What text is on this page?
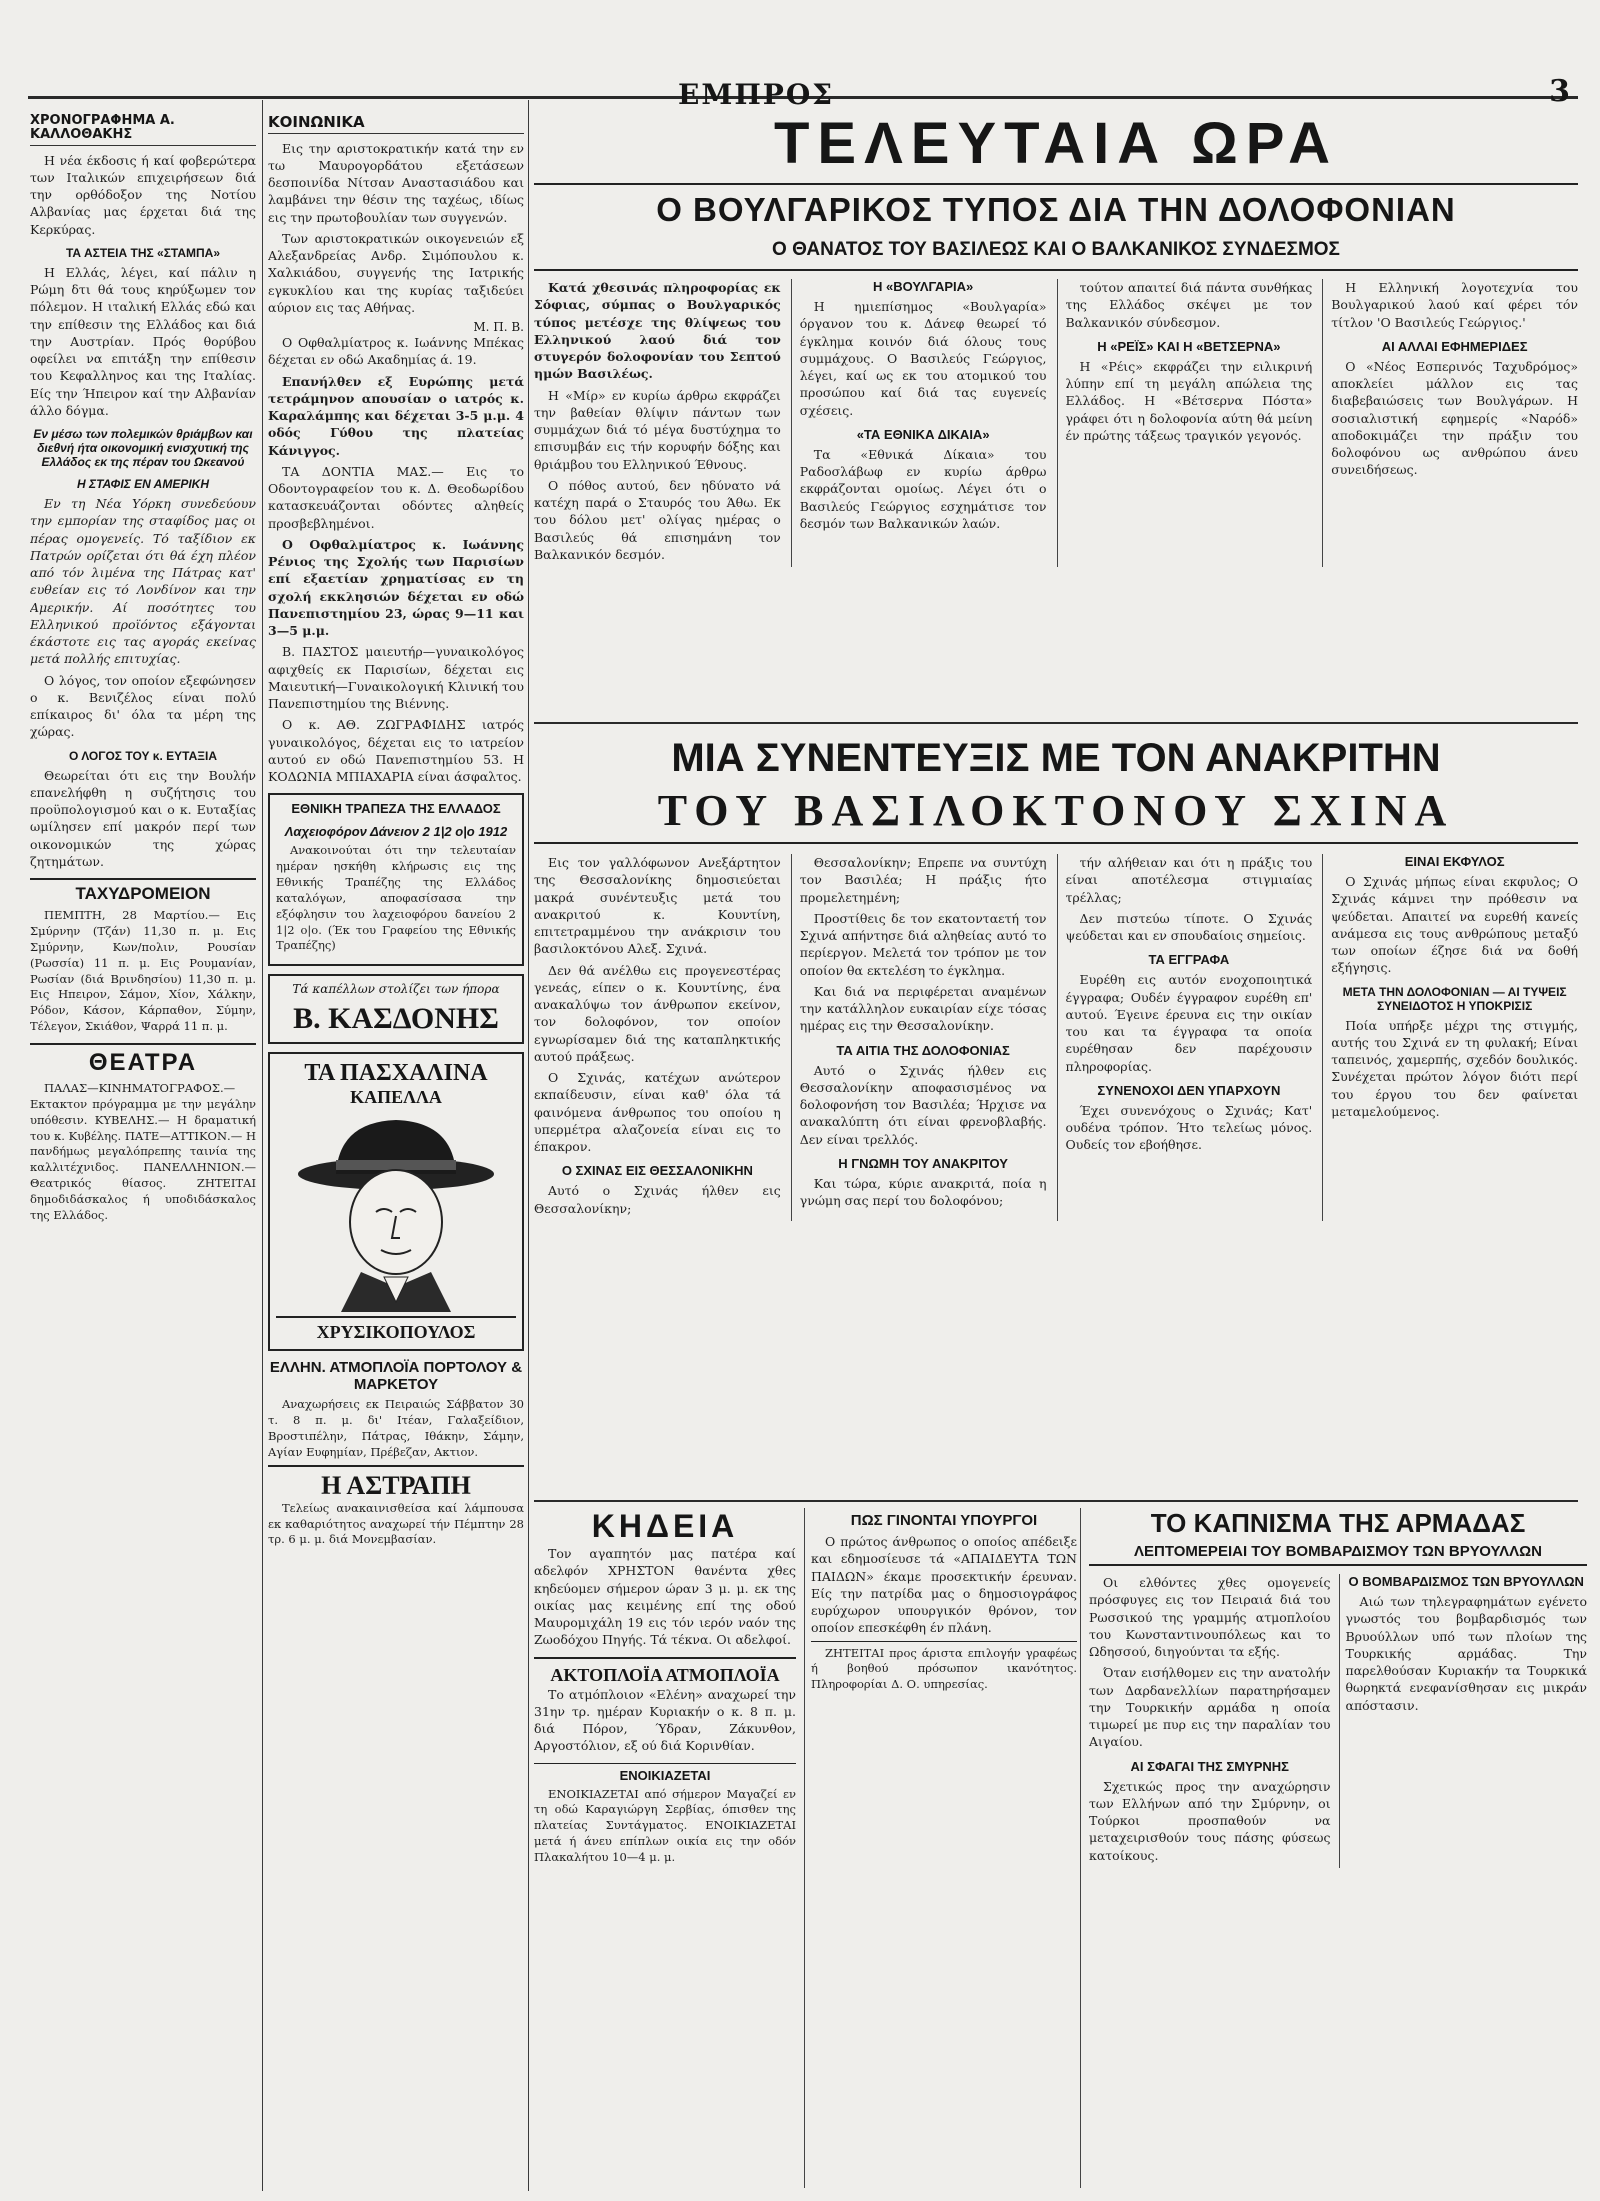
ΕΜΠΡΟΣ	3
ΧΡΟΝΟΓΡΑΦΗΜΑ Α. ΚΑΛΛΟΘΑΚΗΣ

Η νέα έκδοσις ή καί φοβερώτερα των Ιταλικών επιχειρήσεων διά την ορθόδοξον της Νοτίου Αλβανίας μας έρχεται διά της Κερκύρας.

ΤΑ ΑΣΤΕΙΑ ΤΗΣ «ΣΤΑΜΠΑ»

Η Ελλάς, λέγει, καί πάλιν η Ρώμη δτι θά τους κηρύξωμεν τον πόλεμον. Η ιταλική Ελλάς εδώ και την επίθεσιν της Ελλάδος και διά την Αυστρίαν. Πρός θορύβου οφείλει να επιτάξη την επίθεσιν του Κεφαλληνος και της Ιταλίας. Είς την Ήπειρον καί την Αλβανίαν άλλο δόγμα.

Εν μέσω των πολεμικών θριάμβων και διεθνή ήτα οικονομική ενισχυτική της Ελλάδος εκ της πέραν του Ωκεανού
Η ΣΤΑΦΙΣ ΕΝ ΑΜΕΡΙΚΗ

Εν τη Νέα Υόρκη συνεδεύουν την εμπορίαν της σταφίδος μας οι πέρας ομογενείς. Τό ταξίδιον εκ Πατρών ορίζεται ότι θά έχη πλέον από τόν λιμένα της Πάτρας κατ' ευθείαν εις τό Λονδίνον και την Αμερικήν. Αί ποσότητες του Ελληνικού προϊόντος εξάγονται έκάστοτε εις τας αγοράς εκείνας μετά πολλής επιτυχίας.

Ο λόγος, τον οποίον εξεφώνησεν ο κ. Βενιζέλος είναι πολύ επίκαιρος δι' όλα τα μέρη της χώρας.

Ο ΛΟΓΟΣ ΤΟΥ κ. ΕΥΤΑΞΙΑ

Θεωρείται ότι εις την Βουλήν επανελήφθη η συζήτησις του προϋπολογισμού και ο κ. Ευταξίας ωμίλησεν επί μακρόν περί των οικονομικών της χώρας ζητημάτων.

ΤΑΧΥΔΡΟΜΕΙΟΝ

ΠΕΜΠΤΗ, 28 Μαρτίου.— Εις Σμύρνην (Τζάν) 11,30 π. μ. Εις Σμύρνην, Κων/πολιν, Ρουσίαν (Ρωσσία) 11 π. μ. Εις Ρουμανίαν, Ρωσίαν (διά Βρινδησίου) 11,30 π. μ. Εις Ηπειρον, Σάμον, Χίον, Χάλκην, Ρόδον, Κάσον, Κάρπαθον, Σύμην, Τέλεγον, Σκιάθον, Ψαρρά 11 π. μ.

ΘΕΑΤΡΑ

ΠΑΛΑΣ—ΚΙΝΗΜΑΤΟΓΡΑΦΟΣ.— Εκτακτον πρόγραμμα με την μεγάλην υπόθεσιν. ΚΥΒΕΛΗΣ.— Η δραματική του κ. Κυβέλης. ΠΑΤΕ—ΑΤΤΙΚΟΝ.— Η πανδήμως μεγαλόπρεπης ταινία της καλλιτέχνιδος. ΠΑΝΕΛΛΗΝΙΟΝ.— Θεατρικός θίασος. ΖΗΤΕΙΤΑΙ δημοδιδάσκαλος ή υποδιδάσκαλος της Ελλάδος.

ΚΟΙΝΩΝΙΚΑ

Εις την αριστοκρατικήν κατά την εν τω Μαυρογορδάτου εξετάσεων δεσποινίδα Νίτσαν Αναστασιάδου και λαμβάνει την θέσιν της ταχέως, ιδίως εις την πρωτοβουλίαν των συγγενών.

Των αριστοκρατικών οικογενειών εξ Αλεξανδρείας Ανδρ. Σιμόπουλου κ. Χαλκιάδου, συγγενής της Ιατρικής εγκυκλίου και της κυρίας ταξιδεύει αύριον εις τας Αθήνας.

Μ. Π. Β.

Ο Οφθαλμίατρος κ. Ιωάννης Μπέκας δέχεται εν οδώ Ακαδημίας ά. 19.

Επανήλθεν εξ Ευρώπης μετά τετράμηνον απουσίαν ο ιατρός κ. Καραλάμπης και δέχεται 3-5 μ.μ. 4 οδός Γύθου της πλατείας Κάνιγγος.

ΤΑ ΔΟΝΤΙΑ ΜΑΣ.— Εις το Οδοντογραφείον του κ. Δ. Θεοδωρίδου κατασκευάζονται οδόντες αληθείς προσβεβλημένοι.

Ο Οφθαλμίατρος κ. Ιωάννης Ρένιος της Σχολής των Παρισίων επί εξαετίαν χρηματίσας εν τη σχολή εκκλησιών δέχεται εν οδώ Πανεπιστημίου 23, ώρας 9—11 και 3—5 μ.μ.

Β. ΠΑΣΤΟΣ μαιευτήρ—γυναικολόγος αφιχθείς εκ Παρισίων, δέχεται εις Μαιευτική—Γυναικολογική Κλινική του Πανεπιστημίου της Βιέννης.

Ο κ. ΑΘ. ΖΩΓΡΑΦΙΔΗΣ ιατρός γυναικολόγος, δέχεται εις το ιατρείον αυτού εν οδώ Πανεπιστημίου 53. Η ΚΟΔΩΝΙΑ ΜΠΙΑΧΑΡΙΑ είναι άσφαλτος.

ΕΘΝΙΚΗ ΤΡΑΠΕΖΑ ΤΗΣ ΕΛΛΑΔΟΣ
Λαχειοφόρον Δάνειον 2 1|2 ο|ο 1912

Ανακοινούται ότι την τελευταίαν ημέραν ησκήθη κλήρωσις εις της Εθνικής Τραπέζης της Ελλάδος καταλόγων, αποφασίσασα την εξόφλησιν του λαχειοφόρου δανείου 2 1|2 ο|ο. (Έκ του Γραφείου της Εθνικής Τραπέζης)

Τά καπέλλων στολίζει των ήπορα
Β. ΚΑΣΔΟΝΗΣ
ΤΑ ΠΑΣΧΑΛΙΝΑ
ΚΑΠΕΛΛΑ
ΧΡΥΣΙΚΟΠΟΥΛΟΣ
ΕΛΛΗΝ. ΑΤΜΟΠΛΟΪΑ ΠΟΡΤΟΛΟΥ & ΜΑΡΚΕΤΟΥ

Αναχωρήσεις εκ Πειραιώς Σάββατον 30 τ. 8 π. μ. δι' Ιτέαν, Γαλαξείδιον, Βροστιπέλην, Πάτρας, Ιθάκην, Σάμην, Αγίαν Ευφημίαν, Πρέβεζαν, Ακτιον.

Η ΑΣΤΡΑΠΗ

Τελείως ανακαινισθείσα καί λάμπουσα εκ καθαριότητος αναχωρεί τήν Πέμπτην 28 τρ. 6 μ. μ. διά Μονεμβασίαν.

ΤΕΛΕΥΤΑΙΑ ΩΡΑ
Ο ΒΟΥΛΓΑΡΙΚΟΣ ΤΥΠΟΣ ΔΙΑ ΤΗΝ ΔΟΛΟΦΟΝΙΑΝ
Ο ΘΑΝΑΤΟΣ ΤΟΥ ΒΑΣΙΛΕΩΣ ΚΑΙ Ο ΒΑΛΚΑΝΙΚΟΣ ΣΥΝΔΕΣΜΟΣ

Κατά χθεσινάς πληροφορίας εκ Σόφιας, σύμπας ο Βουλγαρικός τύπος μετέσχε της θλίψεως του Ελληνικού λαού διά τον στυγερόν δολοφονίαν του Σεπτού ημών Βασιλέως.

Η «Μίρ» εν κυρίω άρθρω εκφράζει την βαθείαν θλίψιν πάντων των συμμάχων διά τό μέγα δυστύχημα το επισυμβάν εις τήν κορυφήν δόξης και θριάμβου του Ελληνικού Έθνους.

Ο πόθος αυτού, δεν ηδύνατο νά κατέχη παρά ο Σταυρός του Άθω. Εκ του δόλου μετ' ολίγας ημέρας ο Βασιλεύς θά επισημάνη τον Βαλκανικόν δεσμόν.

Η «ΒΟΥΛΓΑΡΙΑ»

Η ημιεπίσημος «Βουλγαρία» όργανον του κ. Δάνεφ θεωρεί τό έγκλημα κοινόν διά όλους τους συμμάχους. Ο Βασιλεύς Γεώργιος, λέγει, καί ως εκ του ατομικού του προσώπου καί διά τας ευγενείς σχέσεις.

«ΤΑ ΕΘΝΙΚΑ ΔΙΚΑΙΑ»

Τα «Εθνικά Δίκαια» του Ραδοσλάβωφ εν κυρίω άρθρω εκφράζονται ομοίως. Λέγει ότι ο Βασιλεύς Γεώργιος εσχημάτισε τον δεσμόν των Βαλκανικών λαών.

τούτον απαιτεί διά πάντα συνθήκας της Ελλάδος σκέψει με τον Βαλκανικόν σύνδεσμον.

Η «ΡΕΪΣ» ΚΑΙ Η «ΒΕΤΣΕΡΝΑ»

Η «Ρέις» εκφράζει την ειλικρινή λύπην επί τη μεγάλη απώλεια της Ελλάδος. Η «Βέτσερνα Πόστα» γράφει ότι η δολοφονία αύτη θά μείνη έν πρώτης τάξεως τραγικόν γεγονός.

Η Ελληνική λογοτεχνία του Βουλγαρικού λαού καί φέρει τόν τίτλον 'Ο Βασιλεύς Γεώργιος.'

ΑΙ ΑΛΛΑΙ ΕΦΗΜΕΡΙΔΕΣ

Ο «Νέος Εσπερινός Ταχυδρόμος» αποκλείει μάλλον εις τας διαβεβαιώσεις των Βουλγάρων. Η σοσιαλιστική εφημερίς «Ναρόδ» αποδοκιμάζει την πράξιν του δολοφόνου ως ανθρώπου άνευ συνειδήσεως.

ΜΙΑ ΣΥΝΕΝΤΕΥΞΙΣ ΜΕ ΤΟΝ ΑΝΑΚΡΙΤΗΝ
ΤΟΥ ΒΑΣΙΛΟΚΤΟΝΟΥ ΣΧΙΝΑ

Εις τον γαλλόφωνον Ανεξάρτητον της Θεσσαλονίκης δημοσιεύεται μακρά συνέντευξις μετά του ανακριτού κ. Κουντίνη, επιτετραμμένου την ανάκρισιν του βασιλοκτόνου Αλεξ. Σχινά.

Δεν θά ανέλθω εις προγενεστέρας γενεάς, είπεν ο κ. Κουντίνης, ένα ανακαλύψω τον άνθρωπον εκείνον, τον δολοφόνον, τον οποίον εγνωρίσαμεν διά της καταπληκτικής αυτού πράξεως.

Ο Σχινάς, κατέχων ανώτερον εκπαίδευσιν, είναι καθ' όλα τά φαινόμενα άνθρωπος του οποίου η υπερμέτρα αλαζονεία είναι εις το έπακρον.

Ο ΣΧΙΝΑΣ ΕΙΣ ΘΕΣΣΑΛΟΝΙΚΗΝ

Αυτό ο Σχινάς ήλθεν εις Θεσσαλονίκην;

Θεσσαλονίκην; Επρεπε να συντύχη τον Βασιλέα; Η πράξις ήτο προμελετημένη;

Προστίθεις δε τον εκατονταετή τον Σχινά απήντησε διά αληθείας αυτό το περίεργον. Μελετά τον τρόπον με τον οποίον θα εκτελέση το έγκλημα.

Και διά να περιφέρεται αναμένων την κατάλληλον ευκαιρίαν είχε τόσας ημέρας εις την Θεσσαλονίκην.

ΤΑ ΑΙΤΙΑ ΤΗΣ ΔΟΛΟΦΟΝΙΑΣ

Αυτό ο Σχινάς ήλθεν εις Θεσσαλονίκην αποφασισμένος να δολοφονήση τον Βασιλέα; Ήρχισε να ανακαλύπτη ότι είναι φρενοβλαβής. Δεν είναι τρελλός.

Η ΓΝΩΜΗ ΤΟΥ ΑΝΑΚΡΙΤΟΥ

Και τώρα, κύριε ανακριτά, ποία η γνώμη σας περί του δολοφόνου;

τήν αλήθειαν και ότι η πράξις του είναι αποτέλεσμα στιγμιαίας τρέλλας;

Δεν πιστεύω τίποτε. Ο Σχινάς ψεύδεται και εν σπουδαίοις σημείοις.

ΤΑ ΕΓΓΡΑΦΑ

Ευρέθη εις αυτόν ενοχοποιητικά έγγραφα; Ουδέν έγγραφον ευρέθη επ' αυτού. Έγεινε έρευνα εις την οικίαν του και τα έγγραφα τα οποία ευρέθησαν δεν παρέχουσιν πληροφορίας.

ΣΥΝΕΝΟΧΟΙ ΔΕΝ ΥΠΑΡΧΟΥΝ

Έχει συνενόχους ο Σχινάς; Κατ' ουδένα τρόπον. Ήτο τελείως μόνος. Ουδείς τον εβοήθησε.

ΕΙΝΑΙ ΕΚΦΥΛΟΣ

Ο Σχινάς μήπως είναι εκφυλος; Ο Σχινάς κάμνει την πρόθεσιν να ψεύδεται. Απαιτεί να ευρεθή κανείς ανάμεσα εις τους ανθρώπους μεταξύ των οποίων έζησε διά να δοθή εξήγησις.

ΜΕΤΑ ΤΗΝ ΔΟΛΟΦΟΝΙΑΝ — ΑΙ ΤΥΨΕΙΣ ΣΥΝΕΙΔΟΤΟΣ Η ΥΠΟΚΡΙΣΙΣ

Ποία υπήρξε μέχρι της στιγμής, αυτής του Σχινά εν τη φυλακή; Είναι ταπεινός, χαμερπής, σχεδόν δουλικός. Συνέχεται πρώτον λόγον διότι περί του έργου του δεν φαίνεται μεταμελούμενος.

ΚΗΔΕΙΑ

Τον αγαπητόν μας πατέρα καί αδελφόν ΧΡΗΣΤΟΝ θανέντα χθες κηδεύομεν σήμερον ώραν 3 μ. μ. εκ της οικίας μας κειμένης επί της οδού Μαυρομιχάλη 19 εις τόν ιερόν ναόν της Ζωοδόχου Πηγής. Τά τέκνα. Οι αδελφοί.

ΑΚΤΟΠΛΟΪΑ ΑΤΜΟΠΛΟΪΑ

Το ατμόπλοιον «Ελένη» αναχωρεί την 31ην τρ. ημέραν Κυριακήν ο κ. 8 π. μ. διά Πόρον, Ύδραν, Ζάκυνθον, Αργοστόλιον, εξ ού διά Κορινθίαν.

ΕΝΟΙΚΙΑΖΕΤΑΙ

ΕΝΟΙΚΙΑΖΕΤΑΙ από σήμερον Μαγαζεί εν τη οδώ Καραγιώργη Σερβίας, όπισθεν της πλατείας Συντάγματος. ΕΝΟΙΚΙΑΖΕΤΑΙ μετά ή άνευ επίπλων οικία εις την οδόν Πλακαλήτου 10—4 μ. μ.

ΠΩΣ ΓΙΝΟΝΤΑΙ ΥΠΟΥΡΓΟΙ

Ο πρώτος άνθρωπος ο οποίος απέδειξε και εδημοσίευσε τά «ΑΠΑΙΔΕΥΤΑ ΤΩΝ ΠΑΙΔΩΝ» έκαμε προσεκτικήν έρευναν. Είς την πατρίδα μας ο δημοσιογράφος ευρύχωρον υπουργικόν θρόνον, τον οποίον επεσκέφθη έν πλάνη.

ΖΗΤΕΙΤΑΙ προς άριστα επιλογήν γραφέως ή βοηθού πρόσωπον ικανότητος. Πληροφορίαι Δ. Ο. υπηρεσίας.

ΤΟ ΚΑΠΝΙΣΜΑ ΤΗΣ ΑΡΜΑΔΑΣ
ΛΕΠΤΟΜΕΡΕΙΑΙ ΤΟΥ ΒΟΜΒΑΡΔΙΣΜΟΥ ΤΩΝ ΒΡΥΟΥΛΛΩΝ

Οι ελθόντες χθες ομογενείς πρόσφυγες εις τον Πειραιά διά του Ρωσσικού της γραμμής ατμοπλοίου του Κωνσταντινουπόλεως και το Ωδησσού, διηγούνται τα εξής.

Όταν εισήλθομεν εις την ανατολήν των Δαρδανελλίων παρατηρήσαμεν την Τουρκικήν αρμάδα η οποία τιμωρεί με πυρ εις την παραλίαν του Αιγαίου.

ΑΙ ΣΦΑΓΑΙ ΤΗΣ ΣΜΥΡΝΗΣ

Σχετικώς προς την αναχώρησιν των Ελλήνων από την Σμύρνην, οι Τούρκοι προσπαθούν να μεταχειρισθούν τους πάσης φύσεως κατοίκους.

Ο ΒΟΜΒΑΡΔΙΣΜΟΣ ΤΩΝ ΒΡΥΟΥΛΛΩΝ

Αιώ των τηλεγραφημάτων εγένετο γνωστός του βομβαρδισμός των Βρυούλλων υπό των πλοίων της Τουρκικής αρμάδας. Την παρελθούσαν Κυριακήν τα Τουρκικά θωρηκτά ενεφανίσθησαν εις μικράν απόστασιν.
